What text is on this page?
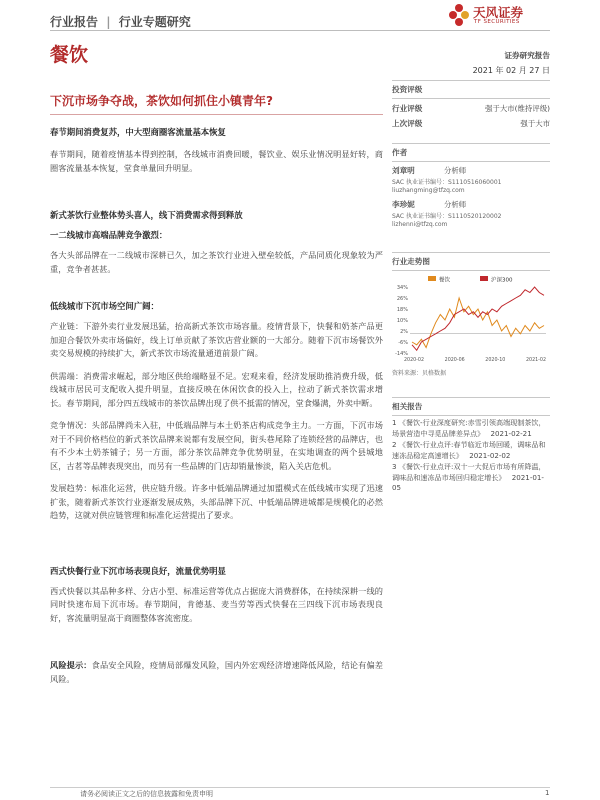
行业报告 | 行业专题研究
天风证券
TF SECURITIES
餐饮
下沉市场争夺战，茶饮如何抓住小镇青年?
春节期间消费复苏，中大型商圈客流量基本恢复
春节期间，随着疫情基本得到控制，各线城市消费回暖，餐饮业、娱乐业情况明显好转，商圈客流量基本恢复，堂食单量回升明显。
新式茶饮行业整体势头喜人，线下消费需求得到释放
一二线城市高端品牌竞争激烈：
各大头部品牌在一二线城市深耕已久，加之茶饮行业进入壁垒较低，产品同质化现象较为严重，竞争者甚甚。
低线城市下沉市场空间广阔：
产业链：下游外卖行业发展迅猛，抬高新式茶饮市场容量。疫情背景下，快餐和奶茶产品更加迎合餐饮外卖市场偏好，线上订单贡献了茶饮店营业额的一大部分。随着下沉市场餐饮外卖交易规模的持续扩大，新式茶饮市场流量通道前景广阔。
供需端：消费需求崛起，部分地区供给端略显不足。宏观来看，经济发展助推消费升级，低线城市居民可支配收入提升明显，直接反映在休闲饮食的投入上，拉动了新式茶饮需求增长。春节期间，部分四五线城市的茶饮品牌出现了供不抵需的情况，堂食爆满，外卖中断。
竞争情况：头部品牌尚未入驻，中低端品牌与本土奶茶店构成竞争主力。一方面，下沉市场对于不同价格档位的新式茶饮品牌来说都有发展空间，街头巷尾除了连锁经营的品牌店，也有不少本土奶茶铺子；另一方面，部分茶饮品牌竞争优势明显，在实地调查的两个县城地区，古茗等品牌表现突出，而另有一些品牌的门店却销量惨淡，陷入关店危机。
发展趋势：标准化运营，供应链升级。许多中低端品牌通过加盟模式在低线城市实现了迅速扩张，随着新式茶饮行业逐渐发展成熟，头部品牌下沉、中低端品牌进城都是规模化的必然趋势，这就对供应链管理和标准化运营提出了要求。
西式快餐行业下沉市场表现良好，流量优势明显
西式快餐以其品种多样、分店小型、标准运营等优点占据庞大消费群体，在持续深耕一线的同时快速布局下沉市场。春节期间，肯德基、麦当劳等西式快餐在三四线下沉市场表现良好，客流量明显高于商圈整体客流密度。
风险提示：食品安全风险，疫情局部爆发风险，国内外宏观经济增速降低风险，结论有偏差风险。
证券研究报告
2021 年 02 月 27 日
投资评级
行业评级	强于大市(维持评级)
上次评级	强于大市
作者
刘章明	分析师
SAC 执业证书编号：S1110516060001
liuzhangming@tfzq.com
李珍妮	分析师
SAC 执业证书编号：S1110520120002
lizhenni@tfzq.com
行业走势图
餐饮	沪深300
34%
26%
18%
10%
2%
-6%
-14%
2020-02	2020-06	2020-10	2021-02
资料来源：贝格数据
相关报告
1 《餐饮-行业深度研究:赤雪引领高端现制茶饮，场景营造中寻觅品牌差异点》 2021-02-21
2 《餐饮-行业点评:春节临近市场回暖，调味品和速冻品稳定高速增长》 2021-02-02
3 《餐饮-行业点评:双十一大促后市场有所降温，调味品和速冻品市场回归稳定增长》 2021-01-05
请务必阅读正文之后的信息披露和免责申明	1
